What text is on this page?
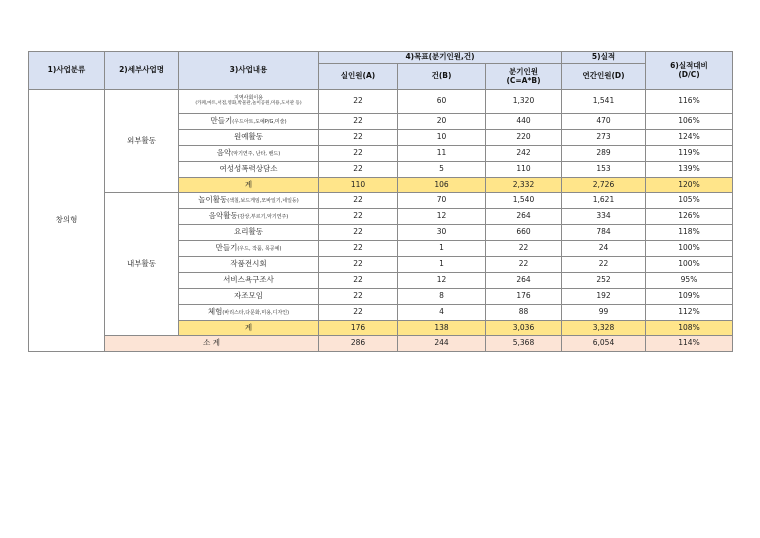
1)사업분류	2)세부사업명	3)사업내용	4)목표(분기인원,건)			5)실적	6)실적대비
(D/C)

			실인원(A)	건(B)	분기인원
(C=A*B)	연간인원(D)	
창의형	외부활동	지역사회이용
(카페,마트,서점,영화,박물관,놀이공원,미용,도서관 등)	22	60	1,320	1,541	116%
		만들기(우드아트,도예P/G,미술)	22	20	440	470	106%
		원예활동	22	10	220	273	124%
		음악(악기연주, 난타, 밴드)	22	11	242	289	119%
		여성성폭력상담소	22	5	110	153	139%
		계	110	106	2,332	2,726	120%
	내부활동	놀이활동(색칠,보드게임,모바일기,네일등)	22	70	1,540	1,621	105%
		음악활동(감상,부르기,악기연주)	22	12	264	334	126%
		요리활동	22	30	660	784	118%
		만들기(우드, 작품, 목공예)	22	1	22	24	100%
		작품전시회	22	1	22	22	100%
		서비스욕구조사	22	12	264	252	95%
		자조모임	22	8	176	192	109%
		체험(바리스타,다문화,미용,디자인)	22	4	88	99	112%
		계	176	138	3,036	3,328	108%
	소 계		286	244	5,368	6,054	114%
